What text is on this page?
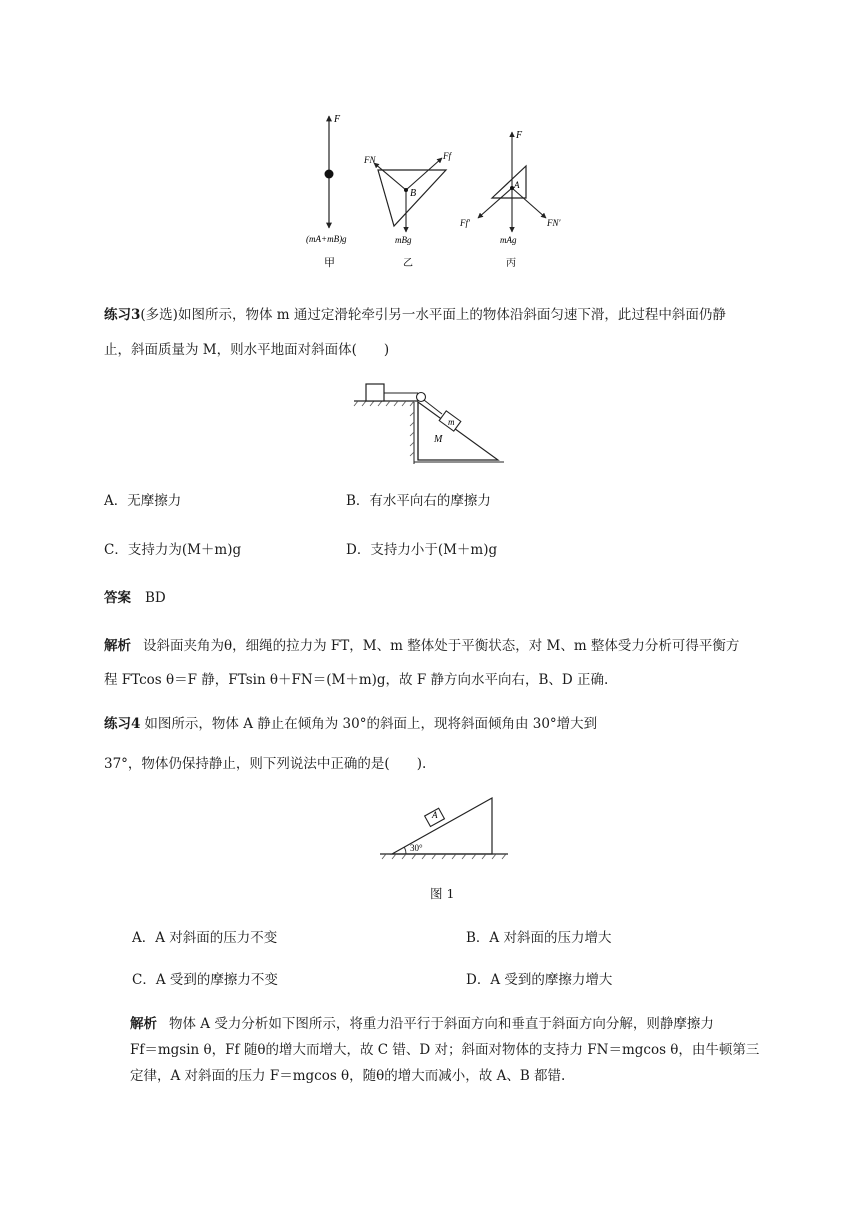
F
(mA+mB)g
甲
FN	Ff
B
mBg
乙
F
A
Ff′	FN′
mAg
丙
练习3(多选)如图所示，物体 m 通过定滑轮牵引另一水平面上的物体沿斜面匀速下滑，此过程中斜面仍静
止，斜面质量为 M，则水平地面对斜面体(　　)
m
M
A．无摩擦力	B．有水平向右的摩擦力
C．支持力为(M＋m)g	D．支持力小于(M＋m)g
答案 BD
解析 设斜面夹角为θ，细绳的拉力为 FT，M、m 整体处于平衡状态，对 M、m 整体受力分析可得平衡方
程 FTcos θ＝F 静，FTsin θ＋FN＝(M＋m)g，故 F 静方向水平向右，B、D 正确.
练习4 如图所示，物体 A 静止在倾角为 30°的斜面上，现将斜面倾角由 30°增大到
37°，物体仍保持静止，则下列说法中正确的是(　　).
A
30°
图 1
A．A 对斜面的压力不变	B．A 对斜面的压力增大
C．A 受到的摩擦力不变	D．A 受到的摩擦力增大
解析 物体 A 受力分析如下图所示，将重力沿平行于斜面方向和垂直于斜面方向分解，则静摩擦力
Ff＝mgsin θ，Ff 随θ的增大而增大，故 C 错、D 对；斜面对物体的支持力 FN＝mgcos θ，由牛顿第三
定律，A 对斜面的压力 F＝mgcos θ，随θ的增大而减小，故 A、B 都错.
